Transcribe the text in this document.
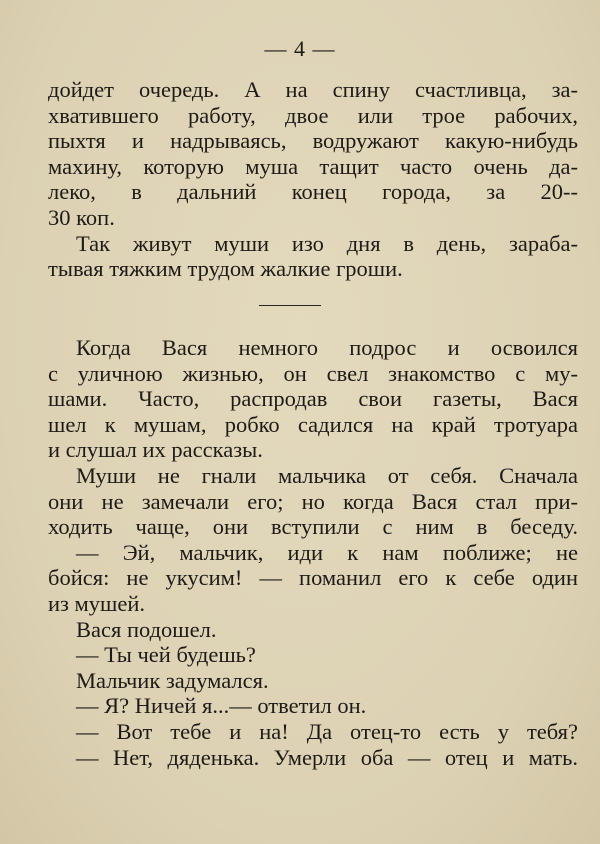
— 4 —
дойдет очередь. А на спину счастливца, за-
хватившего работу, двое или трое рабочих,
пыхтя и надрываясь, водружают какую-нибудь
махину, которую муша тащит часто очень да-
леко, в дальний конец города, за 20--
30 коп.
Так живут муши изо дня в день, зараба-
тывая тяжким трудом жалкие гроши.
Когда Вася немного подрос и освоился
с уличною жизнью, он свел знакомство с му-
шами. Часто, распродав свои газеты, Вася
шел к мушам, робко садился на край тротуара
и слушал их рассказы.
Муши не гнали мальчика от себя. Сначала
они не замечали его; но когда Вася стал при-
ходить чаще, они вступили с ним в беседу.
— Эй, мальчик, иди к нам поближе; не
бойся: не укусим! — поманил его к себе один
из мушей.
Вася подошел.
— Ты чей будешь?
Мальчик задумался.
— Я? Ничей я...— ответил он.
— Вот тебе и на! Да отец-то есть у тебя?
— Нет, дяденька. Умерли оба — отец и мать.
